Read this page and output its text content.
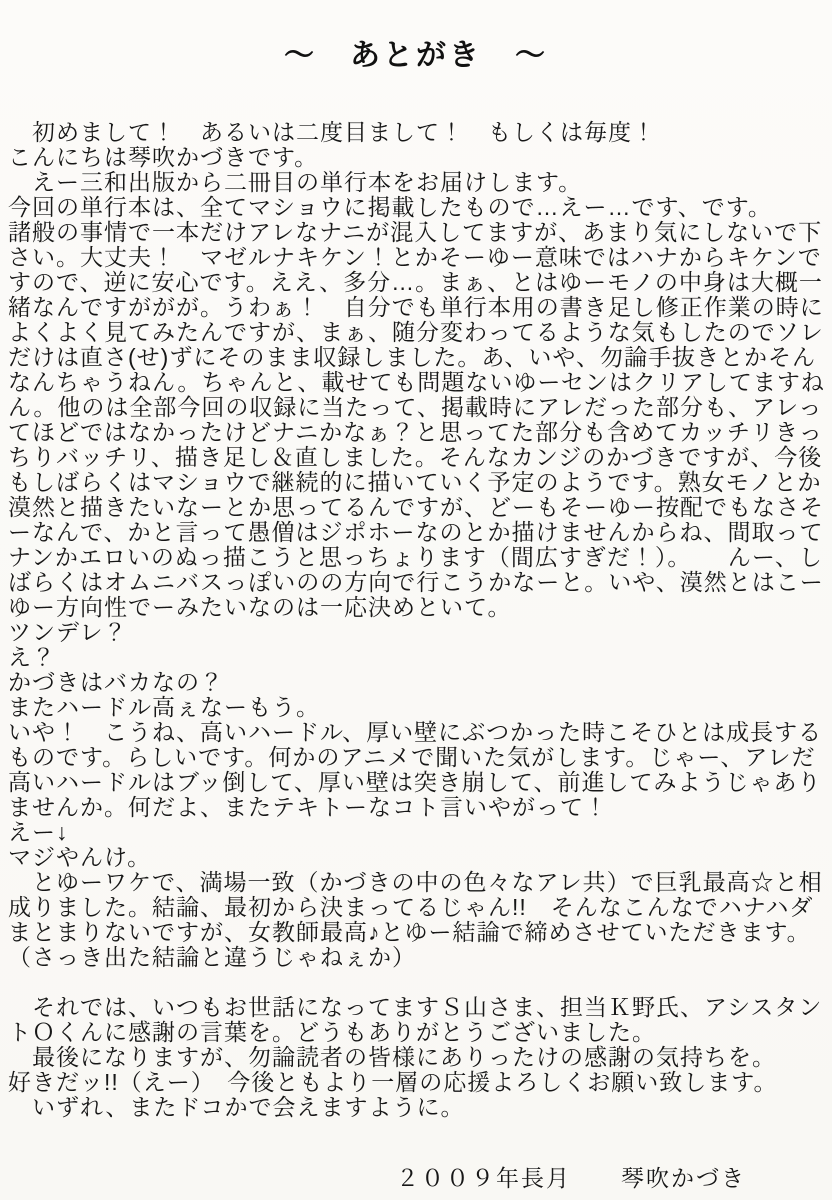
〜　あとがき　〜
　初めまして！　あるいは二度目まして！　もしくは毎度！
こんにちは琴吹かづきです。
　えー三和出版から二冊目の単行本をお届けします。
今回の単行本は、全てマショウに掲載したもので…えー…です、です。
諸般の事情で一本だけアレなナニが混入してますが、あまり気にしないで下
さい。大丈夫！　マゼルナキケン！とかそーゆー意味ではハナからキケンで
すので、逆に安心です。ええ、多分…。まぁ、とはゆーモノの中身は大概一
緒なんですががが。うわぁ！　自分でも単行本用の書き足し修正作業の時に
よくよく見てみたんですが、まぁ、随分変わってるような気もしたのでソレ
だけは直さ(せ)ずにそのまま収録しました。あ、いや、勿論手抜きとかそん
なんちゃうねん。ちゃんと、載せても問題ないゆーセンはクリアしてますね
ん。他のは全部今回の収録に当たって、掲載時にアレだった部分も、アレっ
てほどではなかったけどナニかなぁ？と思ってた部分も含めてカッチリきっ
ちりバッチリ、描き足し＆直しました。そんなカンジのかづきですが、今後
もしばらくはマショウで継続的に描いていく予定のようです。熟女モノとか
漠然と描きたいなーとか思ってるんですが、どーもそーゆー按配でもなさそ
ーなんで、かと言って愚僧はジポホーなのとか描けませんからね、間取って
ナンかエロいのぬっ描こうと思っちょります（間広すぎだ！）。　　んー、し
ばらくはオムニバスっぽいのの方向で行こうかなーと。いや、漠然とはこー
ゆー方向性でーみたいなのは一応決めといて。
ツンデレ？
え？
かづきはバカなの？
またハードル高ぇなーもう。
いや！　こうね、高いハードル、厚い壁にぶつかった時こそひとは成長する
ものです。らしいです。何かのアニメで聞いた気がします。じゃー、アレだ
高いハードルはブッ倒して、厚い壁は突き崩して、前進してみようじゃあり
ませんか。何だよ、またテキトーなコト言いやがって！
えー↓
マジやんけ。
　とゆーワケで、満場一致（かづきの中の色々なアレ共）で巨乳最高☆と相
成りました。結論、最初から決まってるじゃん!!　そんなこんなでハナハダ
まとまりないですが、女教師最高♪とゆー結論で締めさせていただきます。
（さっき出た結論と違うじゃねぇか）
　それでは、いつもお世話になってますＳ山さま、担当Ｋ野氏、アシスタン
トＯくんに感謝の言葉を。どうもありがとうございました。
　最後になりますが、勿論読者の皆様にありったけの感謝の気持ちを。
好きだッ!!（えー）　今後ともより一層の応援よろしくお願い致します。
　いずれ、またドコかで会えますように。
２００９年長月　　琴吹かづき
